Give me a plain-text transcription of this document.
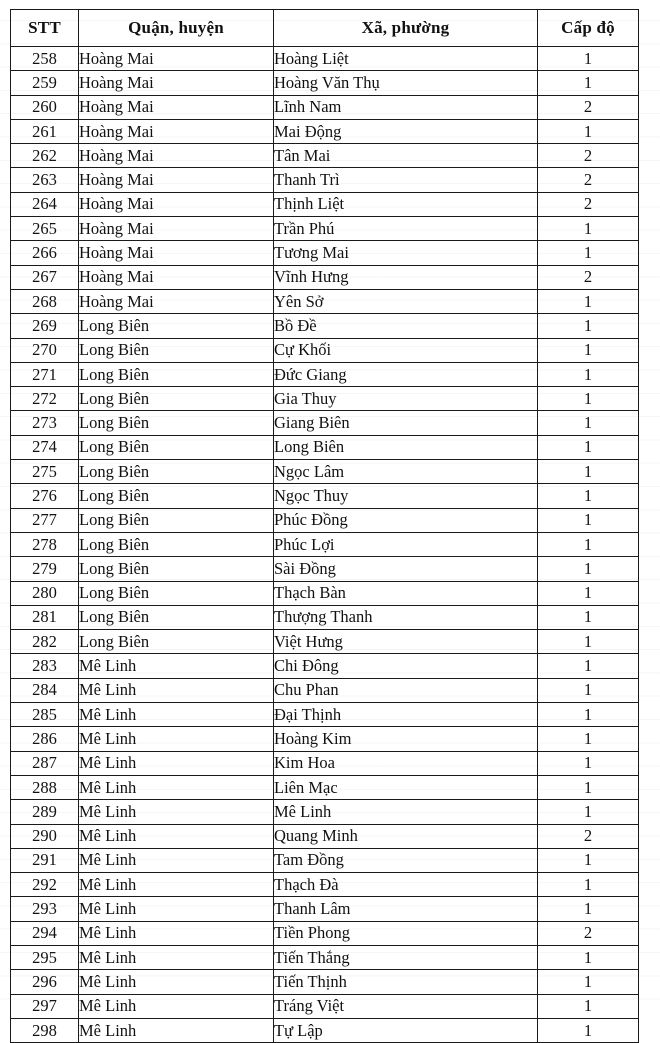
STT	Quận, huyện	Xã, phường	Cấp độ
258	Hoàng Mai	Hoàng Liệt	1
259	Hoàng Mai	Hoàng Văn Thụ	1
260	Hoàng Mai	Lĩnh Nam	2
261	Hoàng Mai	Mai Động	1
262	Hoàng Mai	Tân Mai	2
263	Hoàng Mai	Thanh Trì	2
264	Hoàng Mai	Thịnh Liệt	2
265	Hoàng Mai	Trần Phú	1
266	Hoàng Mai	Tương Mai	1
267	Hoàng Mai	Vĩnh Hưng	2
268	Hoàng Mai	Yên Sở	1
269	Long Biên	Bồ Đề	1
270	Long Biên	Cự Khối	1
271	Long Biên	Đức Giang	1
272	Long Biên	Gia Thuy	1
273	Long Biên	Giang Biên	1
274	Long Biên	Long Biên	1
275	Long Biên	Ngọc Lâm	1
276	Long Biên	Ngọc Thuy	1
277	Long Biên	Phúc Đồng	1
278	Long Biên	Phúc Lợi	1
279	Long Biên	Sài Đồng	1
280	Long Biên	Thạch Bàn	1
281	Long Biên	Thượng Thanh	1
282	Long Biên	Việt Hưng	1
283	Mê Linh	Chi Đông	1
284	Mê Linh	Chu Phan	1
285	Mê Linh	Đại Thịnh	1
286	Mê Linh	Hoàng Kim	1
287	Mê Linh	Kim Hoa	1
288	Mê Linh	Liên Mạc	1
289	Mê Linh	Mê Linh	1
290	Mê Linh	Quang Minh	2
291	Mê Linh	Tam Đồng	1
292	Mê Linh	Thạch Đà	1
293	Mê Linh	Thanh Lâm	1
294	Mê Linh	Tiền Phong	2
295	Mê Linh	Tiến Thắng	1
296	Mê Linh	Tiến Thịnh	1
297	Mê Linh	Tráng Việt	1
298	Mê Linh	Tự Lập	1
